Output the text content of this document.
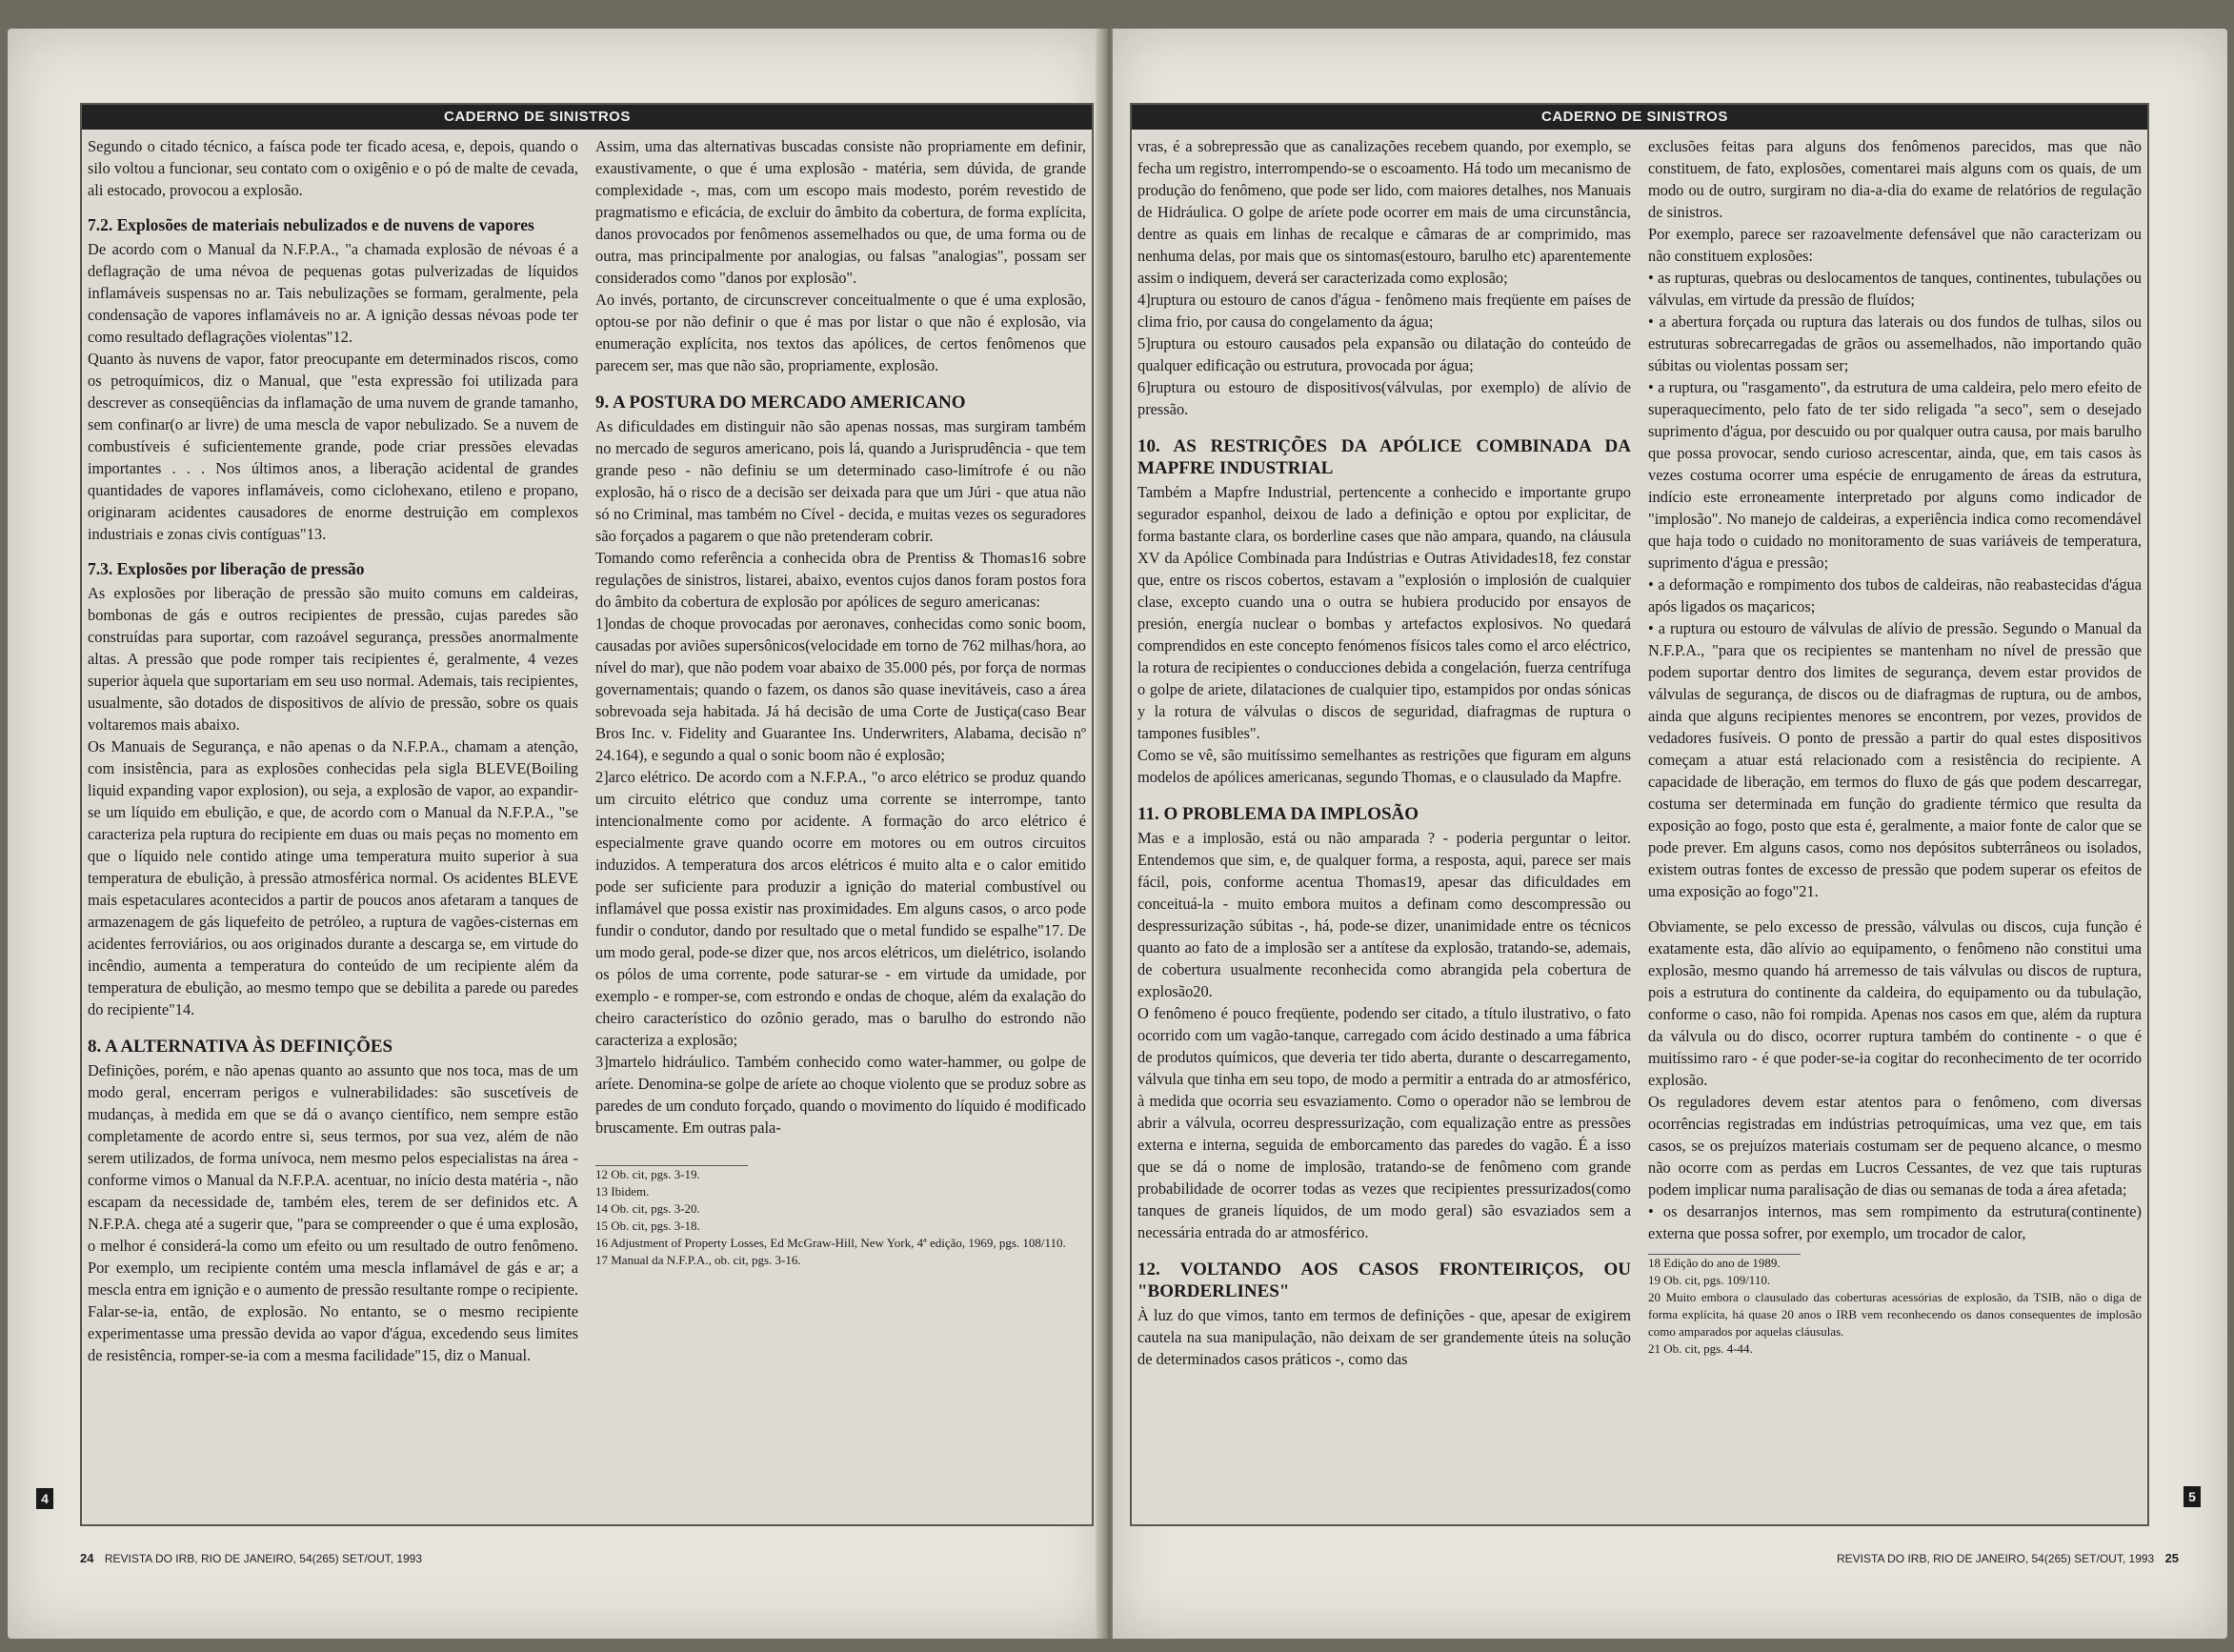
CADERNO DE SINISTROS

Segundo o citado técnico, a faísca pode ter ficado acesa, e, depois, quando o silo voltou a funcionar, seu contato com o oxigênio e o pó de malte de cevada, ali estocado, provocou a explosão.

7.2. Explosões de materiais nebulizados e de nuvens de vapores

De acordo com o Manual da N.F.P.A., "a chamada explosão de névoas é a deflagração de uma névoa de pequenas gotas pulverizadas de líquidos inflamáveis suspensas no ar. Tais nebulizações se formam, geralmente, pela condensação de vapores inflamáveis no ar. A ignição dessas névoas pode ter como resultado deflagrações violentas"12.

Quanto às nuvens de vapor, fator preocupante em determinados riscos, como os petroquímicos, diz o Manual, que "esta expressão foi utilizada para descrever as conseqüências da inflamação de uma nuvem de grande tamanho, sem confinar(o ar livre) de uma mescla de vapor nebulizado. Se a nuvem de combustíveis é suficientemente grande, pode criar pressões elevadas importantes . . . Nos últimos anos, a liberação acidental de grandes quantidades de vapores inflamáveis, como ciclohexano, etileno e propano, originaram acidentes causadores de enorme destruição em complexos industriais e zonas civis contíguas"13.

7.3. Explosões por liberação de pressão

As explosões por liberação de pressão são muito comuns em caldeiras, bombonas de gás e outros recipientes de pressão, cujas paredes são construídas para suportar, com razoável segurança, pressões anormalmente altas. A pressão que pode romper tais recipientes é, geralmente, 4 vezes superior àquela que suportariam em seu uso normal. Ademais, tais recipientes, usualmente, são dotados de dispositivos de alívio de pressão, sobre os quais voltaremos mais abaixo.

Os Manuais de Segurança, e não apenas o da N.F.P.A., chamam a atenção, com insistência, para as explosões conhecidas pela sigla BLEVE(Boiling liquid expanding vapor explosion), ou seja, a explosão de vapor, ao expandir-se um líquido em ebulição, e que, de acordo com o Manual da N.F.P.A., "se caracteriza pela ruptura do recipiente em duas ou mais peças no momento em que o líquido nele contido atinge uma temperatura muito superior à sua temperatura de ebulição, à pressão atmosférica normal. Os acidentes BLEVE mais espetaculares acontecidos a partir de poucos anos afetaram a tanques de armazenagem de gás liquefeito de petróleo, a ruptura de vagões-cisternas em acidentes ferroviários, ou aos originados durante a descarga se, em virtude do incêndio, aumenta a temperatura do conteúdo de um recipiente além da temperatura de ebulição, ao mesmo tempo que se debilita a parede ou paredes do recipiente"14.

8. A ALTERNATIVA ÀS DEFINIÇÕES

Definições, porém, e não apenas quanto ao assunto que nos toca, mas de um modo geral, encerram perigos e vulnerabilidades: são suscetíveis de mudanças, à medida em que se dá o avanço científico, nem sempre estão completamente de acordo entre si, seus termos, por sua vez, além de não serem utilizados, de forma unívoca, nem mesmo pelos especialistas na área - conforme vimos o Manual da N.F.P.A. acentuar, no início desta matéria -, não escapam da necessidade de, também eles, terem de ser definidos etc. A N.F.P.A. chega até a sugerir que, "para se compreender o que é uma explosão, o melhor é considerá-la como um efeito ou um resultado de outro fenômeno. Por exemplo, um recipiente contém uma mescla inflamável de gás e ar; a mescla entra em ignição e o aumento de pressão resultante rompe o recipiente. Falar-se-ia, então, de explosão. No entanto, se o mesmo recipiente experimentasse uma pressão devida ao vapor d'água, excedendo seus limites de resistência, romper-se-ia com a mesma facilidade"15, diz o Manual.

Assim, uma das alternativas buscadas consiste não propriamente em definir, exaustivamente, o que é uma explosão - matéria, sem dúvida, de grande complexidade -, mas, com um escopo mais modesto, porém revestido de pragmatismo e eficácia, de excluir do âmbito da cobertura, de forma explícita, danos provocados por fenômenos assemelhados ou que, de uma forma ou de outra, mas principalmente por analogias, ou falsas "analogias", possam ser considerados como "danos por explosão".

Ao invés, portanto, de circunscrever conceitualmente o que é uma explosão, optou-se por não definir o que é mas por listar o que não é explosão, via enumeração explícita, nos textos das apólices, de certos fenômenos que parecem ser, mas que não são, propriamente, explosão.

9. A POSTURA DO MERCADO AMERICANO

As dificuldades em distinguir não são apenas nossas, mas surgiram também no mercado de seguros americano, pois lá, quando a Jurisprudência - que tem grande peso - não definiu se um determinado caso-limítrofe é ou não explosão, há o risco de a decisão ser deixada para que um Júri - que atua não só no Criminal, mas também no Cível - decida, e muitas vezes os seguradores são forçados a pagarem o que não pretenderam cobrir.

Tomando como referência a conhecida obra de Prentiss & Thomas16 sobre regulações de sinistros, listarei, abaixo, eventos cujos danos foram postos fora do âmbito da cobertura de explosão por apólices de seguro americanas:

1]ondas de choque provocadas por aeronaves, conhecidas como sonic boom, causadas por aviões supersônicos(velocidade em torno de 762 milhas/hora, ao nível do mar), que não podem voar abaixo de 35.000 pés, por força de normas governamentais; quando o fazem, os danos são quase inevitáveis, caso a área sobrevoada seja habitada. Já há decisão de uma Corte de Justiça(caso Bear Bros Inc. v. Fidelity and Guarantee Ins. Underwriters, Alabama, decisão nº 24.164), e segundo a qual o sonic boom não é explosão;

2]arco elétrico. De acordo com a N.F.P.A., "o arco elétrico se produz quando um circuito elétrico que conduz uma corrente se interrompe, tanto intencionalmente como por acidente. A formação do arco elétrico é especialmente grave quando ocorre em motores ou em outros circuitos induzidos. A temperatura dos arcos elétricos é muito alta e o calor emitido pode ser suficiente para produzir a ignição do material combustível ou inflamável que possa existir nas proximidades. Em alguns casos, o arco pode fundir o condutor, dando por resultado que o metal fundido se espalhe"17. De um modo geral, pode-se dizer que, nos arcos elétricos, um dielétrico, isolando os pólos de uma corrente, pode saturar-se - em virtude da umidade, por exemplo - e romper-se, com estrondo e ondas de choque, além da exalação do cheiro característico do ozônio gerado, mas o barulho do estrondo não caracteriza a explosão;

3]martelo hidráulico. Também conhecido como water-hammer, ou golpe de aríete. Denomina-se golpe de aríete ao choque violento que se produz sobre as paredes de um conduto forçado, quando o movimento do líquido é modificado bruscamente. Em outras pala-

12 Ob. cit, pgs. 3-19.

13 Ibidem.

14 Ob. cit, pgs. 3-20.

15 Ob. cit, pgs. 3-18.

16 Adjustment of Property Losses, Ed McGraw-Hill, New York, 4ª edição, 1969, pgs. 108/110.

17 Manual da N.F.P.A., ob. cit, pgs. 3-16.

4
24 REVISTA DO IRB, RIO DE JANEIRO, 54(265) SET/OUT, 1993
CADERNO DE SINISTROS

vras, é a sobrepressão que as canalizações recebem quando, por exemplo, se fecha um registro, interrompendo-se o escoamento. Há todo um mecanismo de produção do fenômeno, que pode ser lido, com maiores detalhes, nos Manuais de Hidráulica. O golpe de aríete pode ocorrer em mais de uma circunstância, dentre as quais em linhas de recalque e câmaras de ar comprimido, mas nenhuma delas, por mais que os sintomas(estouro, barulho etc) aparentemente assim o indiquem, deverá ser caracterizada como explosão;

4]ruptura ou estouro de canos d'água - fenômeno mais freqüente em países de clima frio, por causa do congelamento da água;

5]ruptura ou estouro causados pela expansão ou dilatação do conteúdo de qualquer edificação ou estrutura, provocada por água;

6]ruptura ou estouro de dispositivos(válvulas, por exemplo) de alívio de pressão.

10. AS RESTRIÇÕES DA APÓLICE COMBINADA DA MAPFRE INDUSTRIAL

Também a Mapfre Industrial, pertencente a conhecido e importante grupo segurador espanhol, deixou de lado a definição e optou por explicitar, de forma bastante clara, os borderline cases que não ampara, quando, na cláusula XV da Apólice Combinada para Indústrias e Outras Atividades18, fez constar que, entre os riscos cobertos, estavam a "explosión o implosión de cualquier clase, excepto cuando una o outra se hubiera producido por ensayos de presión, energía nuclear o bombas y artefactos explosivos. No quedará comprendidos en este concepto fenómenos físicos tales como el arco eléctrico, la rotura de recipientes o conducciones debida a congelación, fuerza centrífuga o golpe de ariete, dilataciones de cualquier tipo, estampidos por ondas sónicas y la rotura de válvulas o discos de seguridad, diafragmas de ruptura o tampones fusibles".

Como se vê, são muitíssimo semelhantes as restrições que figuram em alguns modelos de apólices americanas, segundo Thomas, e o clausulado da Mapfre.

11. O PROBLEMA DA IMPLOSÃO

Mas e a implosão, está ou não amparada ? - poderia perguntar o leitor. Entendemos que sim, e, de qualquer forma, a resposta, aqui, parece ser mais fácil, pois, conforme acentua Thomas19, apesar das dificuldades em conceituá-la - muito embora muitos a definam como descompressão ou despressurização súbitas -, há, pode-se dizer, unanimidade entre os técnicos quanto ao fato de a implosão ser a antítese da explosão, tratando-se, ademais, de cobertura usualmente reconhecida como abrangida pela cobertura de explosão20.

O fenômeno é pouco freqüente, podendo ser citado, a título ilustrativo, o fato ocorrido com um vagão-tanque, carregado com ácido destinado a uma fábrica de produtos químicos, que deveria ter tido aberta, durante o descarregamento, válvula que tinha em seu topo, de modo a permitir a entrada do ar atmosférico, à medida que ocorria seu esvaziamento. Como o operador não se lembrou de abrir a válvula, ocorreu despressurização, com equalização entre as pressões externa e interna, seguida de emborcamento das paredes do vagão. É a isso que se dá o nome de implosão, tratando-se de fenômeno com grande probabilidade de ocorrer todas as vezes que recipientes pressurizados(como tanques de graneis líquidos, de um modo geral) são esvaziados sem a necessária entrada do ar atmosférico.

12. VOLTANDO AOS CASOS FRONTEIRIÇOS, OU "BORDERLINES"

À luz do que vimos, tanto em termos de definições - que, apesar de exigirem cautela na sua manipulação, não deixam de ser grandemente úteis na solução de determinados casos práticos -, como das

exclusões feitas para alguns dos fenômenos parecidos, mas que não constituem, de fato, explosões, comentarei mais alguns com os quais, de um modo ou de outro, surgiram no dia-a-dia do exame de relatórios de regulação de sinistros.

Por exemplo, parece ser razoavelmente defensável que não caracterizam ou não constituem explosões:

• as rupturas, quebras ou deslocamentos de tanques, continentes, tubulações ou válvulas, em virtude da pressão de fluídos;

• a abertura forçada ou ruptura das laterais ou dos fundos de tulhas, silos ou estruturas sobrecarregadas de grãos ou assemelhados, não importando quão súbitas ou violentas possam ser;

• a ruptura, ou "rasgamento", da estrutura de uma caldeira, pelo mero efeito de superaquecimento, pelo fato de ter sido religada "a seco", sem o desejado suprimento d'água, por descuido ou por qualquer outra causa, por mais barulho que possa provocar, sendo curioso acrescentar, ainda, que, em tais casos às vezes costuma ocorrer uma espécie de enrugamento de áreas da estrutura, indício este erroneamente interpretado por alguns como indicador de "implosão". No manejo de caldeiras, a experiência indica como recomendável que haja todo o cuidado no monitoramento de suas variáveis de temperatura, suprimento d'água e pressão;

• a deformação e rompimento dos tubos de caldeiras, não reabastecidas d'água após ligados os maçaricos;

• a ruptura ou estouro de válvulas de alívio de pressão. Segundo o Manual da N.F.P.A., "para que os recipientes se mantenham no nível de pressão que podem suportar dentro dos limites de segurança, devem estar providos de válvulas de segurança, de discos ou de diafragmas de ruptura, ou de ambos, ainda que alguns recipientes menores se encontrem, por vezes, providos de vedadores fusíveis. O ponto de pressão a partir do qual estes dispositivos começam a atuar está relacionado com a resistência do recipiente. A capacidade de liberação, em termos do fluxo de gás que podem descarregar, costuma ser determinada em função do gradiente térmico que resulta da exposição ao fogo, posto que esta é, geralmente, a maior fonte de calor que se pode prever. Em alguns casos, como nos depósitos subterrâneos ou isolados, existem outras fontes de excesso de pressão que podem superar os efeitos de uma exposição ao fogo"21.

Obviamente, se pelo excesso de pressão, válvulas ou discos, cuja função é exatamente esta, dão alívio ao equipamento, o fenômeno não constitui uma explosão, mesmo quando há arremesso de tais válvulas ou discos de ruptura, pois a estrutura do continente da caldeira, do equipamento ou da tubulação, conforme o caso, não foi rompida. Apenas nos casos em que, além da ruptura da válvula ou do disco, ocorrer ruptura também do continente - o que é muitíssimo raro - é que poder-se-ia cogitar do reconhecimento de ter ocorrido explosão.

Os reguladores devem estar atentos para o fenômeno, com diversas ocorrências registradas em indústrias petroquímicas, uma vez que, em tais casos, se os prejuízos materiais costumam ser de pequeno alcance, o mesmo não ocorre com as perdas em Lucros Cessantes, de vez que tais rupturas podem implicar numa paralisação de dias ou semanas de toda a área afetada;

• os desarranjos internos, mas sem rompimento da estrutura(continente) externa que possa sofrer, por exemplo, um trocador de calor,

18 Edição do ano de 1989.

19 Ob. cit, pgs. 109/110.

20 Muito embora o clausulado das coberturas acessórias de explosão, da TSIB, não o diga de forma explícita, há quase 20 anos o IRB vem reconhecendo os danos consequentes de implosão como amparados por aquelas cláusulas.

21 Ob. cit, pgs. 4-44.

5
REVISTA DO IRB, RIO DE JANEIRO, 54(265) SET/OUT, 1993 25
